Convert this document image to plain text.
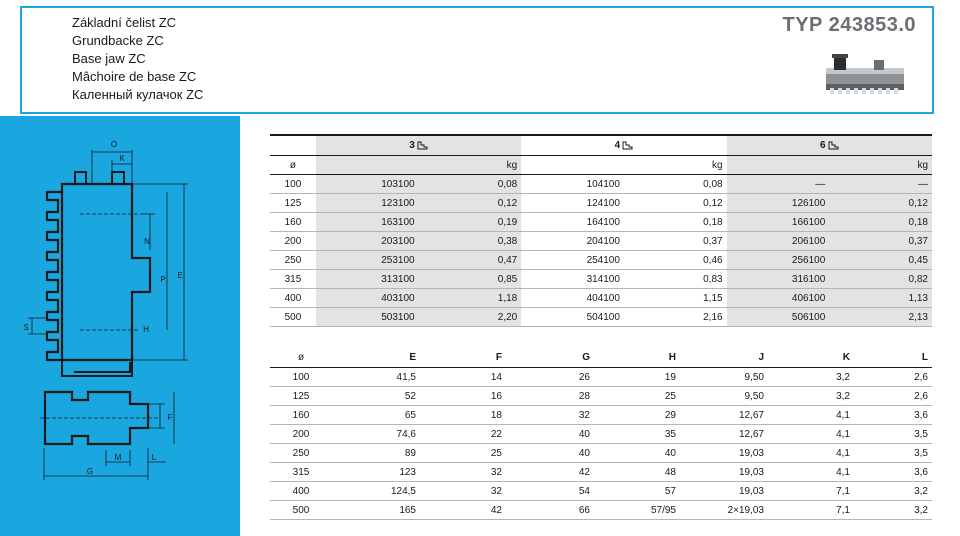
Základní čelist ZC
Grundbacke ZC
Base jaw ZC
Mâchoire de base ZC
Каленный кулачок ZC
TYP 243853.0
O
K
N
P E
H
S
F
G
M	L
	3		4		6	
ø		kg		kg		kg
100	103100	0,08	104100	0,08	—	—
125	123100	0,12	124100	0,12	126100	0,12
160	163100	0,19	164100	0,18	166100	0,18
200	203100	0,38	204100	0,37	206100	0,37
250	253100	0,47	254100	0,46	256100	0,45
315	313100	0,85	314100	0,83	316100	0,82
400	403100	1,18	404100	1,15	406100	1,13
500	503100	2,20	504100	2,16	506100	2,13
ø	E	F	G	H	J	K	L
100	41,5	14	26	19	9,50	3,2	2,6
125	52	16	28	25	9,50	3,2	2,6
160	65	18	32	29	12,67	4,1	3,6
200	74,6	22	40	35	12,67	4,1	3,5
250	89	25	40	40	19,03	4,1	3,5
315	123	32	42	48	19,03	4,1	3,6
400	124,5	32	54	57	19,03	7,1	3,2
500	165	42	66	57/95	2×19,03	7,1	3,2
